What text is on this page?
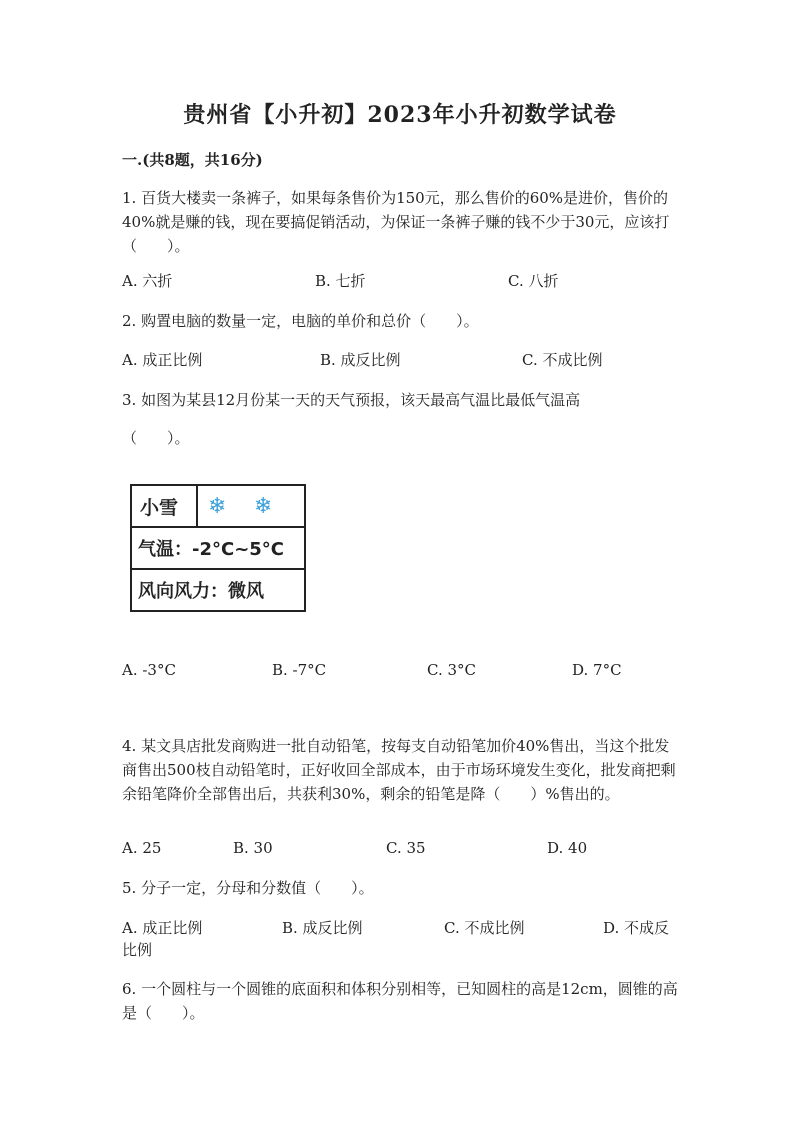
贵州省【小升初】2023年小升初数学试卷
一.(共8题，共16分)
1. 百货大楼卖一条裤子，如果每条售价为150元，那么售价的60%是进价，售价的40%就是赚的钱，现在要搞促销活动，为保证一条裤子赚的钱不少于30元，应该打（　　）。
A. 六折	B. 七折	C. 八折
2. 购置电脑的数量一定，电脑的单价和总价（　　）。
A. 成正比例	B. 成反比例	C. 不成比例
3. 如图为某县12月份某一天的天气预报，该天最高气温比最低气温高
（　　）。
小雪 ❄ ❄
气温：-2°C~5°C
风向风力：微风
A. -3°C	B. -7°C	C. 3°C	D. 7°C
4. 某文具店批发商购进一批自动铅笔，按每支自动铅笔加价40%售出，当这个批发商售出500枝自动铅笔时，正好收回全部成本，由于市场环境发生变化，批发商把剩余铅笔降价全部售出后，共获利30%，剩余的铅笔是降（　　）%售出的。
A. 25	B. 30	C. 35	D. 40
5. 分子一定，分母和分数值（　　）。
A. 成正比例	B. 成反比例	C. 不成比例	D. 不成反
比例
6. 一个圆柱与一个圆锥的底面积和体积分别相等，已知圆柱的高是12cm，圆锥的高是（　　）。
